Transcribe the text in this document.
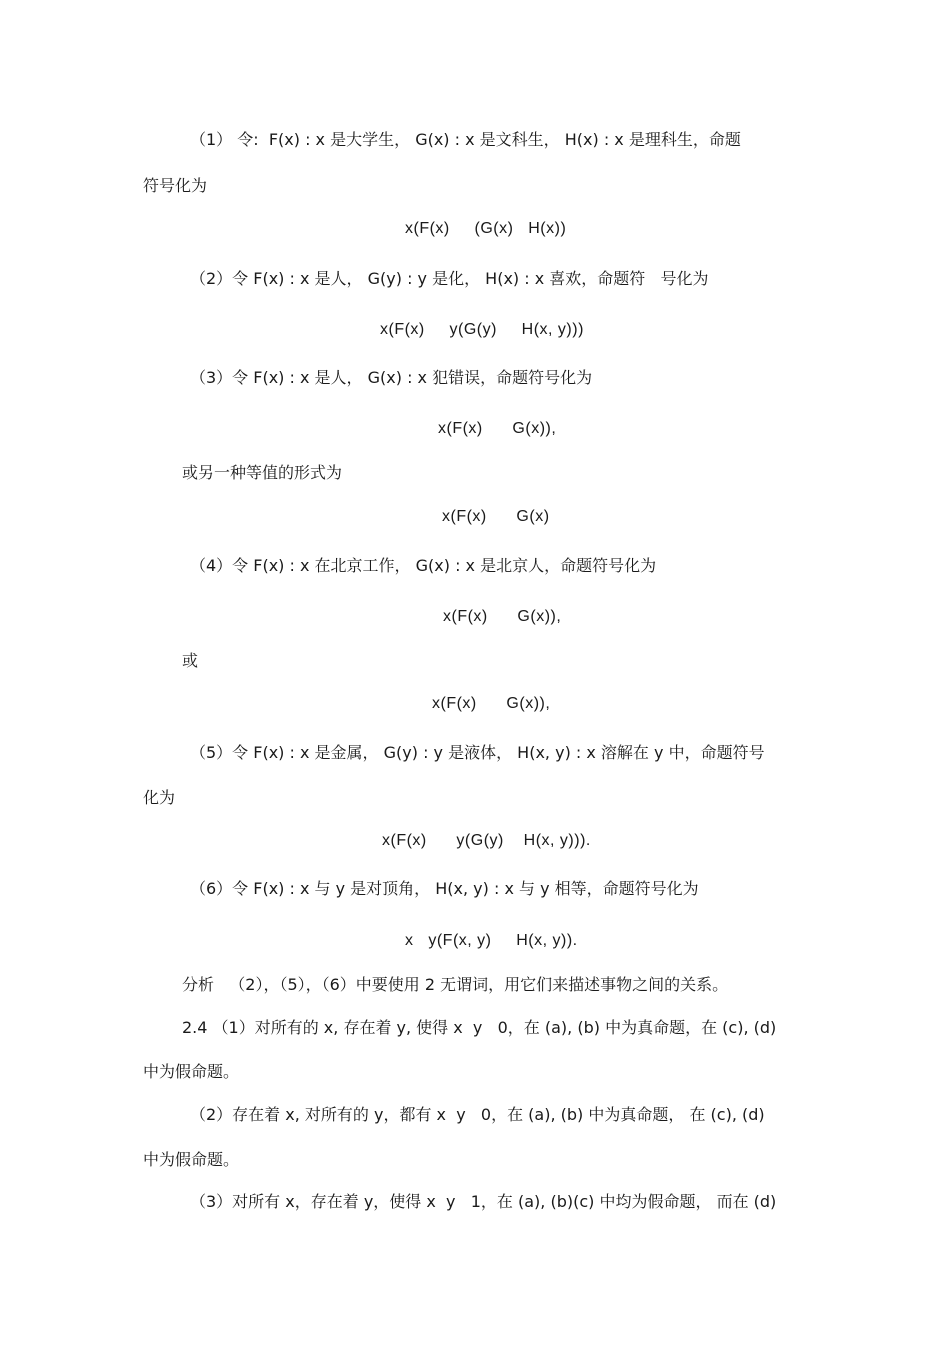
（1） 令:  F(x) : x 是大学生， G(x) : x 是文科生， H(x) : x 是理科生，命题
符号化为
x(F(x)     (G(x)   H(x))
（2）令 F(x) : x 是人， G(y) : y 是化， H(x) : x 喜欢，命题符   号化为
x(F(x)     y(G(y)     H(x, y)))
（3）令 F(x) : x 是人， G(x) : x 犯错误，命题符号化为
x(F(x)      G(x)),
或另一种等值的形式为
x(F(x)      G(x)
（4）令 F(x) : x 在北京工作， G(x) : x 是北京人，命题符号化为
x(F(x)      G(x)),
或
x(F(x)      G(x)),
（5）令 F(x) : x 是金属， G(y) : y 是液体， H(x, y) : x 溶解在 y 中，命题符号
化为
x(F(x)      y(G(y)    H(x, y))).
（6）令 F(x) : x 与 y 是对顶角， H(x, y) : x 与 y 相等，命题符号化为
x   y(F(x, y)     H(x, y)).
分析   （2），（5），（6）中要使用 2 无谓词，用它们来描述事物之间的关系。
2.4 （1）对所有的 x, 存在着 y, 使得 x  y   0，在 (a), (b) 中为真命题，在 (c), (d)
中为假命题。
（2）存在着 x, 对所有的 y，都有 x  y   0，在 (a), (b) 中为真命题， 在 (c), (d)
中为假命题。
（3）对所有 x，存在着 y，使得 x  y   1，在 (a), (b)(c) 中均为假命题， 而在 (d)
